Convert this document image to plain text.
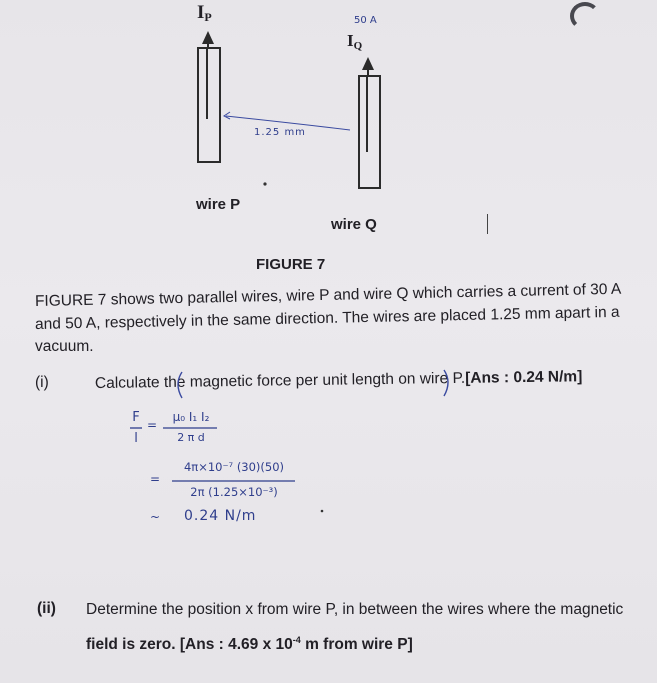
$I_P$
$I_Q$
50 A
1.25 mm
wire P
wire Q
FIGURE 7
FIGURE 7 shows two parallel wires, wire P and wire Q which carries a current of 30 A
and 50 A, respectively in the same direction. The wires are placed 1.25 mm apart in a
vacuum.
(i)	Calculate the magnetic force per unit length on wire P.[Ans : 0.24 N/m]
F
l
=
μ₀ I₁ I₂
2 π d
=
4π×10⁻⁷ (30)(50)
2π (1.25×10⁻³)
~ 0.24 N/m
(ii) Determine the position x from wire P, in between the wires where the magnetic
field is zero. [Ans : 4.69 x $10^{-4}$ m from wire P]
